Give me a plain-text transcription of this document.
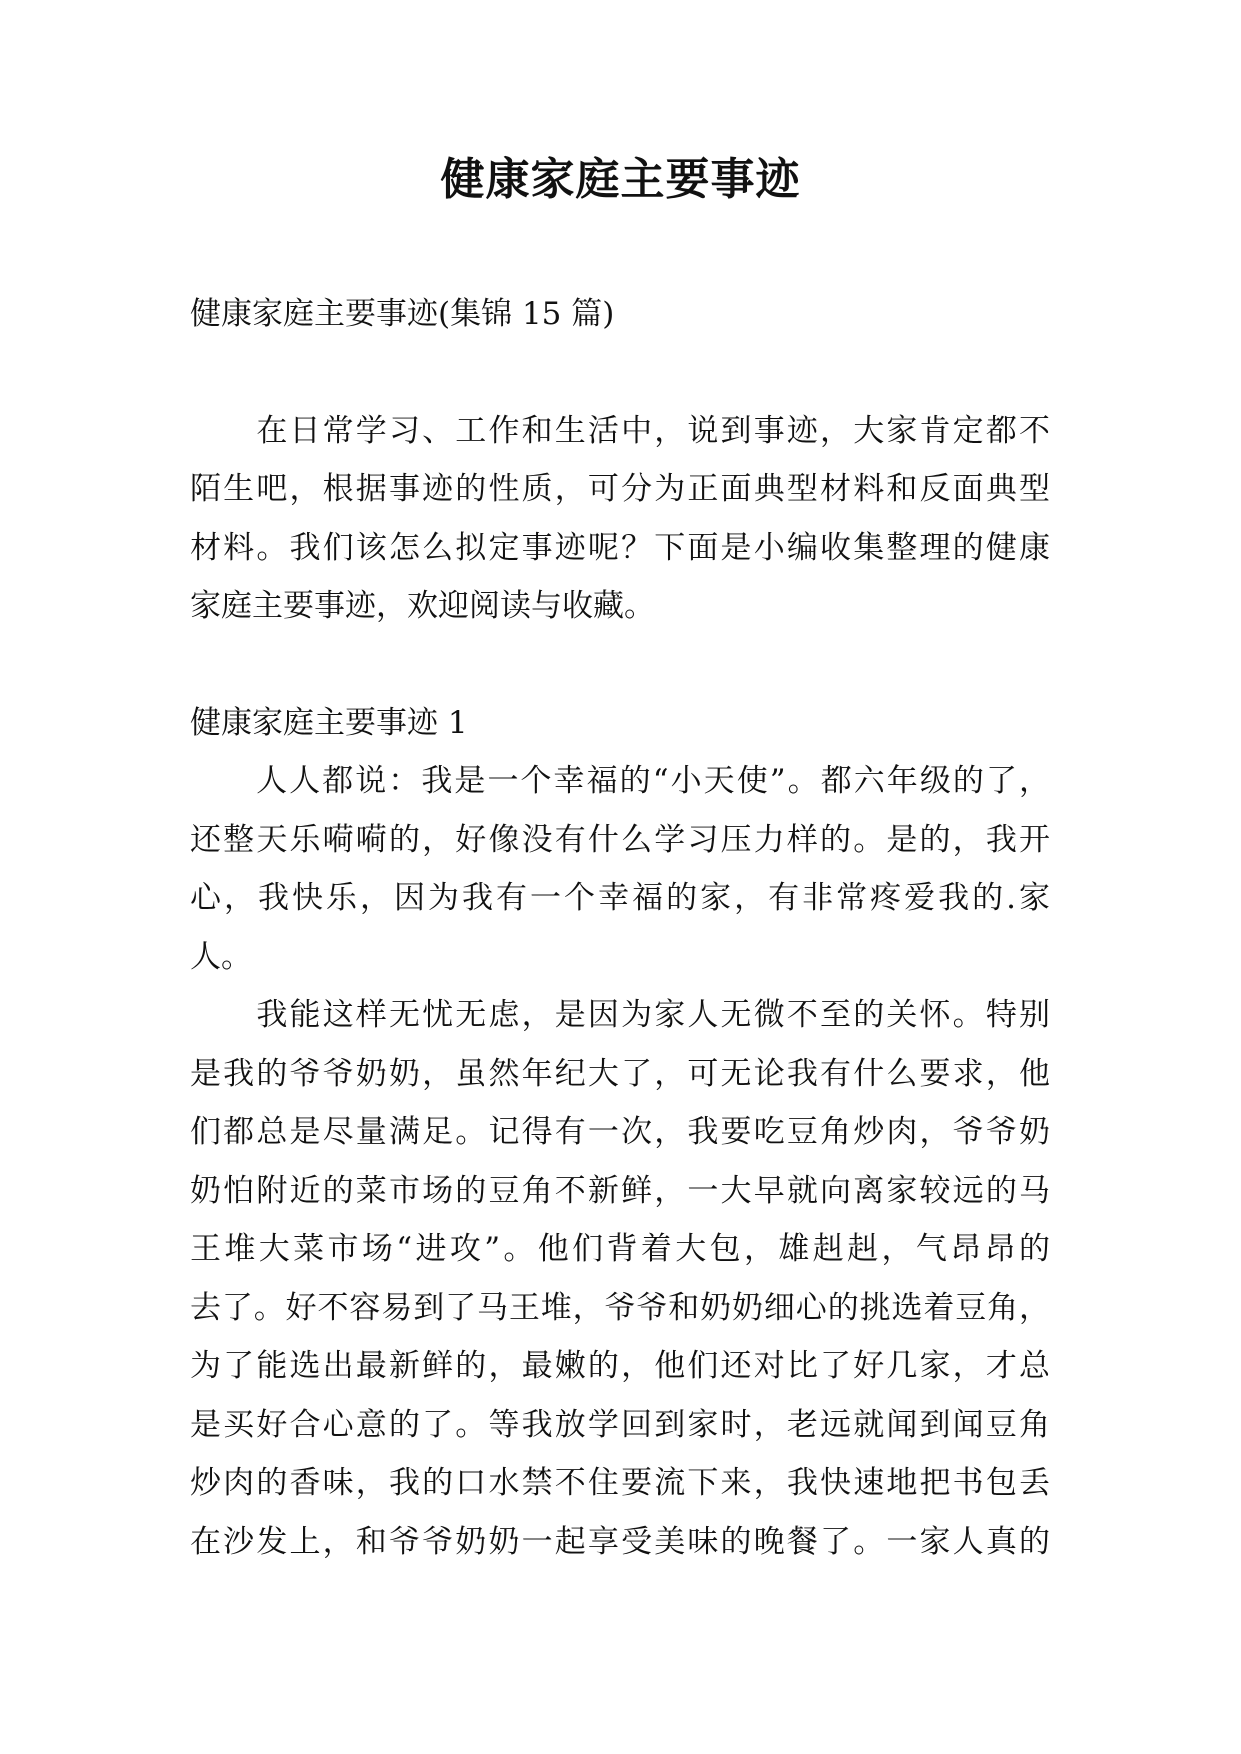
健康家庭主要事迹

健康家庭主要事迹(集锦 15 篇)

　　在日常学习、工作和生活中，说到事迹，大家肯定都不

陌生吧，根据事迹的性质，可分为正面典型材料和反面典型

材料。我们该怎么拟定事迹呢？下面是小编收集整理的健康

家庭主要事迹，欢迎阅读与收藏。

健康家庭主要事迹 1

　　人人都说：我是一个幸福的“小天使”。都六年级的了，

还整天乐嗬嗬的，好像没有什么学习压力样的。是的，我开

心，我快乐，因为我有一个幸福的家，有非常疼爱我的.家

人。

　　我能这样无忧无虑，是因为家人无微不至的关怀。特别

是我的爷爷奶奶，虽然年纪大了，可无论我有什么要求，他

们都总是尽量满足。记得有一次，我要吃豆角炒肉，爷爷奶

奶怕附近的菜市场的豆角不新鲜，一大早就向离家较远的马

王堆大菜市场“进攻”。他们背着大包，雄赳赳，气昂昂的

去了。好不容易到了马王堆，爷爷和奶奶细心的挑选着豆角，

为了能选出最新鲜的，最嫩的，他们还对比了好几家，才总

是买好合心意的了。等我放学回到家时，老远就闻到闻豆角

炒肉的香味，我的口水禁不住要流下来，我快速地把书包丢

在沙发上，和爷爷奶奶一起享受美味的晚餐了。一家人真的
